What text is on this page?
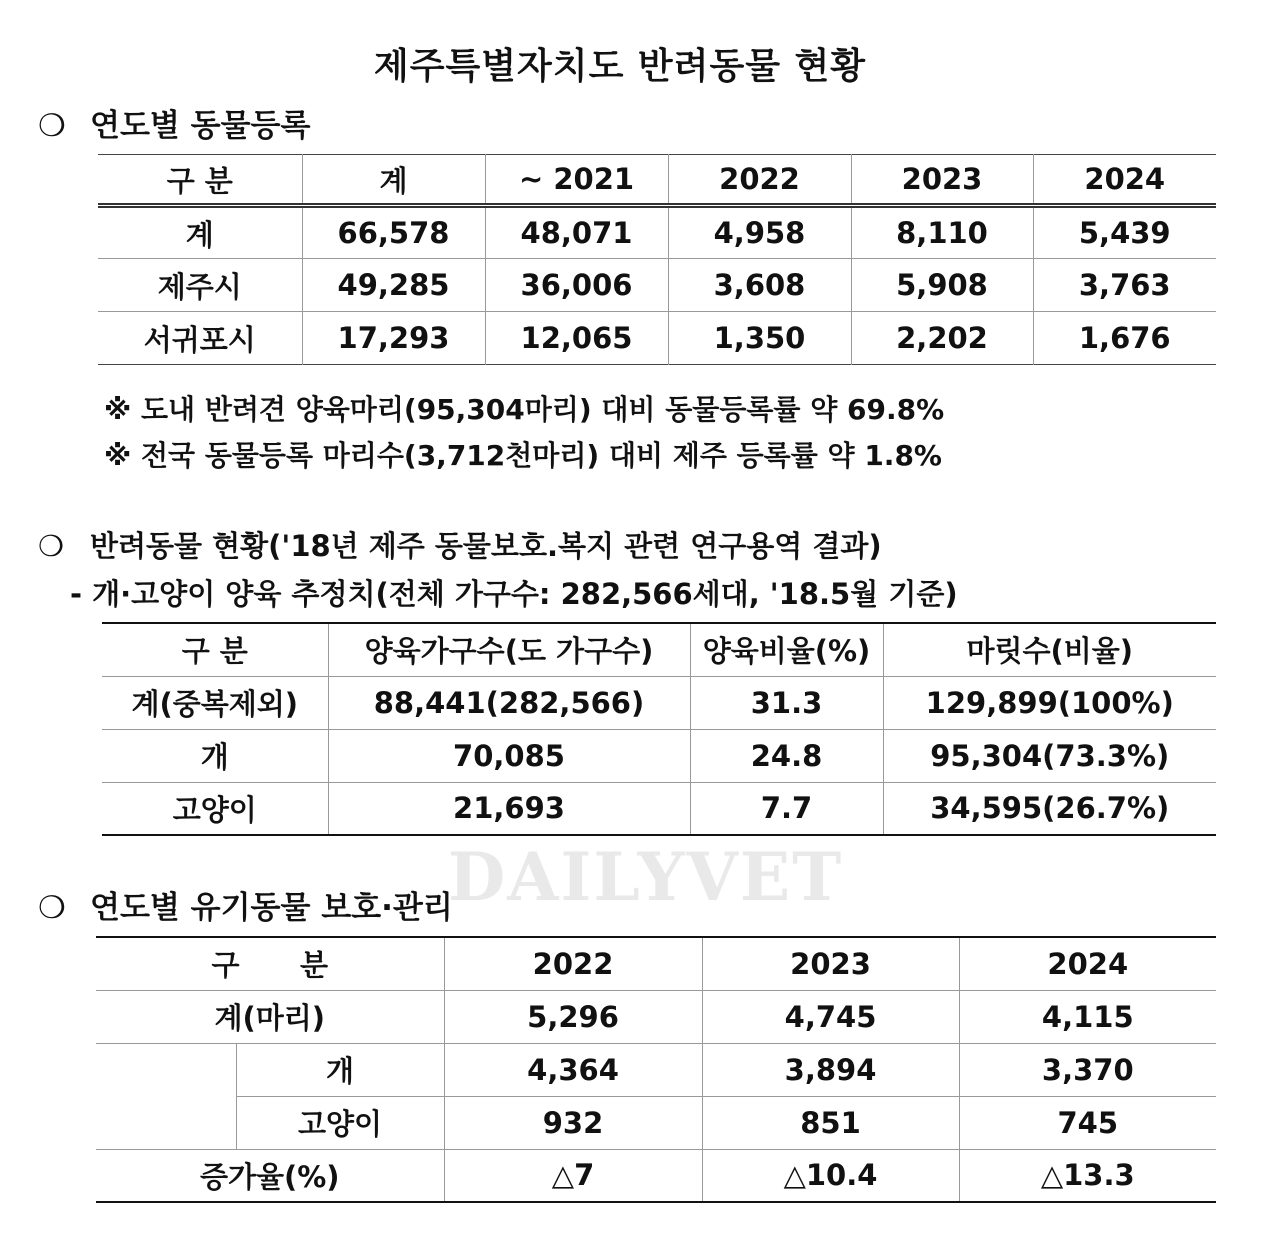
제주특별자치도 반려동물 현황
❍ 연도별 동물등록
구 분	계	~ 2021	2022	2023	2024
계	66,578	48,071	4,958	8,110	5,439
제주시	49,285	36,006	3,608	5,908	3,763
서귀포시	17,293	12,065	1,350	2,202	1,676
※ 도내 반려견 양육마리(95,304마리) 대비 동물등록률 약 69.8%
※ 전국 동물등록 마리수(3,712천마리) 대비 제주 등록률 약 1.8%
❍ 반려동물 현황('18년 제주 동물보호.복지 관련 연구용역 결과)
- 개·고양이 양육 추정치(전체 가구수: 282,566세대, '18.5월 기준)
구 분	양육가구수(도 가구수)	양육비율(%)	마릿수(비율)
계(중복제외)	88,441(282,566)	31.3	129,899(100%)
개	70,085	24.8	95,304(73.3%)
고양이	21,693	7.7	34,595(26.7%)
DAILYVET
❍ 연도별 유기동물 보호·관리
구      분		2022	2023	2024
계(마리)		5,296	4,745	4,115
	개	4,364	3,894	3,370
	고양이	932	851	745
증가율(%)		△7	△10.4	△13.3
